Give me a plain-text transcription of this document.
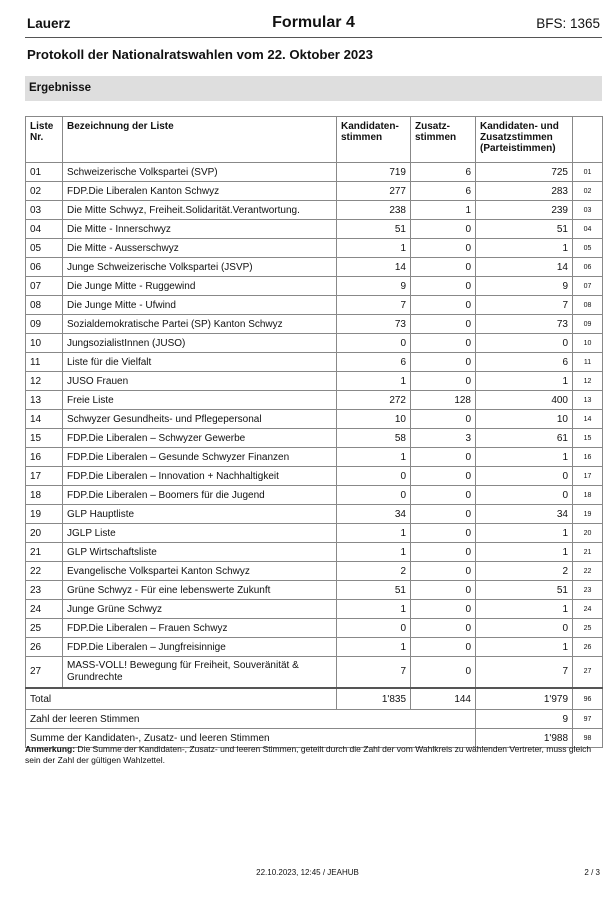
Lauerz	Formular 4	BFS: 1365
Protokoll der Nationalratswahlen vom 22. Oktober 2023
Ergebnisse
Liste Nr.	Bezeichnung der Liste	Kandidaten-stimmen	Zusatz-stimmen	Kandidaten- und Zusatzstimmen (Parteistimmen)	
01	Schweizerische Volkspartei (SVP)	719	6	725	01
02	FDP.Die Liberalen Kanton Schwyz	277	6	283	02
03	Die Mitte Schwyz, Freiheit.Solidarität.Verantwortung.	238	1	239	03
04	Die Mitte - Innerschwyz	51	0	51	04
05	Die Mitte - Ausserschwyz	1	0	1	05
06	Junge Schweizerische Volkspartei (JSVP)	14	0	14	06
07	Die Junge Mitte - Ruggewind	9	0	9	07
08	Die Junge Mitte - Ufwind	7	0	7	08
09	Sozialdemokratische Partei (SP) Kanton Schwyz	73	0	73	09
10	JungsozialistInnen (JUSO)	0	0	0	10
11	Liste für die Vielfalt	6	0	6	11
12	JUSO Frauen	1	0	1	12
13	Freie Liste	272	128	400	13
14	Schwyzer Gesundheits- und Pflegepersonal	10	0	10	14
15	FDP.Die Liberalen – Schwyzer Gewerbe	58	3	61	15
16	FDP.Die Liberalen – Gesunde Schwyzer Finanzen	1	0	1	16
17	FDP.Die Liberalen – Innovation + Nachhaltigkeit	0	0	0	17
18	FDP.Die Liberalen – Boomers für die Jugend	0	0	0	18
19	GLP Hauptliste	34	0	34	19
20	JGLP Liste	1	0	1	20
21	GLP Wirtschaftsliste	1	0	1	21
22	Evangelische Volkspartei Kanton Schwyz	2	0	2	22
23	Grüne Schwyz - Für eine lebenswerte Zukunft	51	0	51	23
24	Junge Grüne Schwyz	1	0	1	24
25	FDP.Die Liberalen – Frauen Schwyz	0	0	0	25
26	FDP.Die Liberalen – Jungfreisinnige	1	0	1	26
27	MASS-VOLL! Bewegung für Freiheit, Souveränität & Grundrechte	7	0	7	27
Total		1'835	144	1'979	96
Zahl der leeren Stimmen				9	97
Summe der Kandidaten-, Zusatz- und leeren Stimmen				1'988	98
Anmerkung: Die Summe der Kandidaten-, Zusatz- und leeren Stimmen, geteilt durch die Zahl der vom Wahlkreis zu wählenden Vertreter, muss gleich sein der Zahl der gültigen Wahlzettel.
22.10.2023, 12:45 / JEAHUB	2 / 3
